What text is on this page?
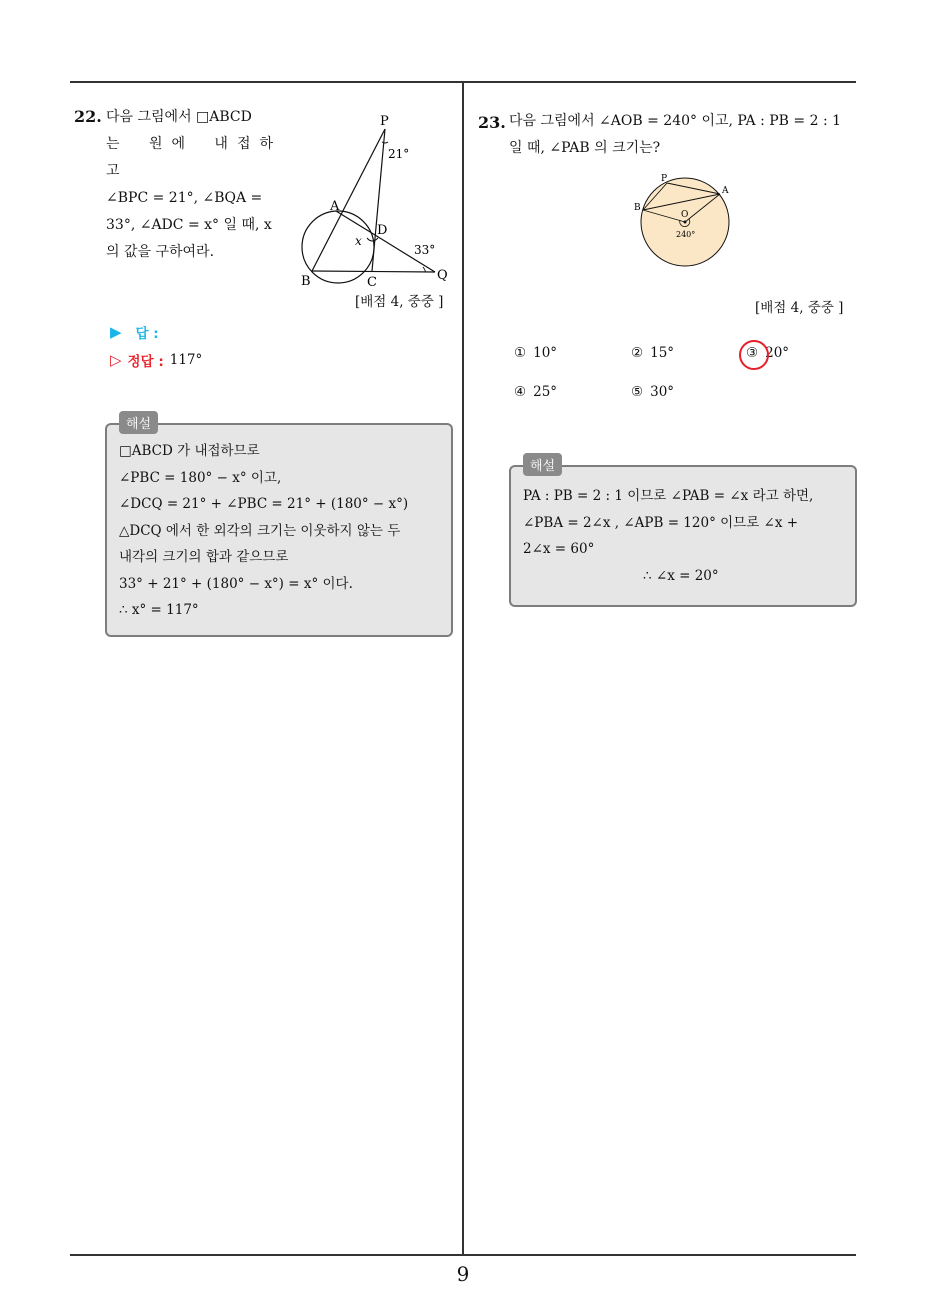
22. 다음 그림에서 □ABCD
는 원에 내접하고
∠BPC = 21°, ∠BQA =
33°, ∠ADC = x° 일 때, x
의 값을 구하여라.
P
21°
A
D
x
33°
B	C	Q
[배점 4, 중중 ]
▶ 답 :
▷ 정답 : 117°
해설
□ABCD 가 내접하므로
∠PBC = 180° − x° 이고,
∠DCQ = 21° + ∠PBC = 21° + (180° − x°)
△DCQ 에서 한 외각의 크기는 이웃하지 않는 두
내각의 크기의 합과 같으므로
33° + 21° + (180° − x°) = x° 이다.
∴ x° = 117°
23. 다음 그림에서 ∠AOB = 240° 이고, PA : PB = 2 : 1
일 때, ∠PAB 의 크기는?
P
A
B
O
240°
[배점 4, 중중 ]
① 10°	② 15°	③ 20°
④ 25°	⑤ 30°
해설
PA : PB = 2 : 1 이므로 ∠PAB = ∠x 라고 하면,
∠PBA = 2∠x , ∠APB = 120° 이므로 ∠x +
2∠x = 60°
∴ ∠x = 20°
9
